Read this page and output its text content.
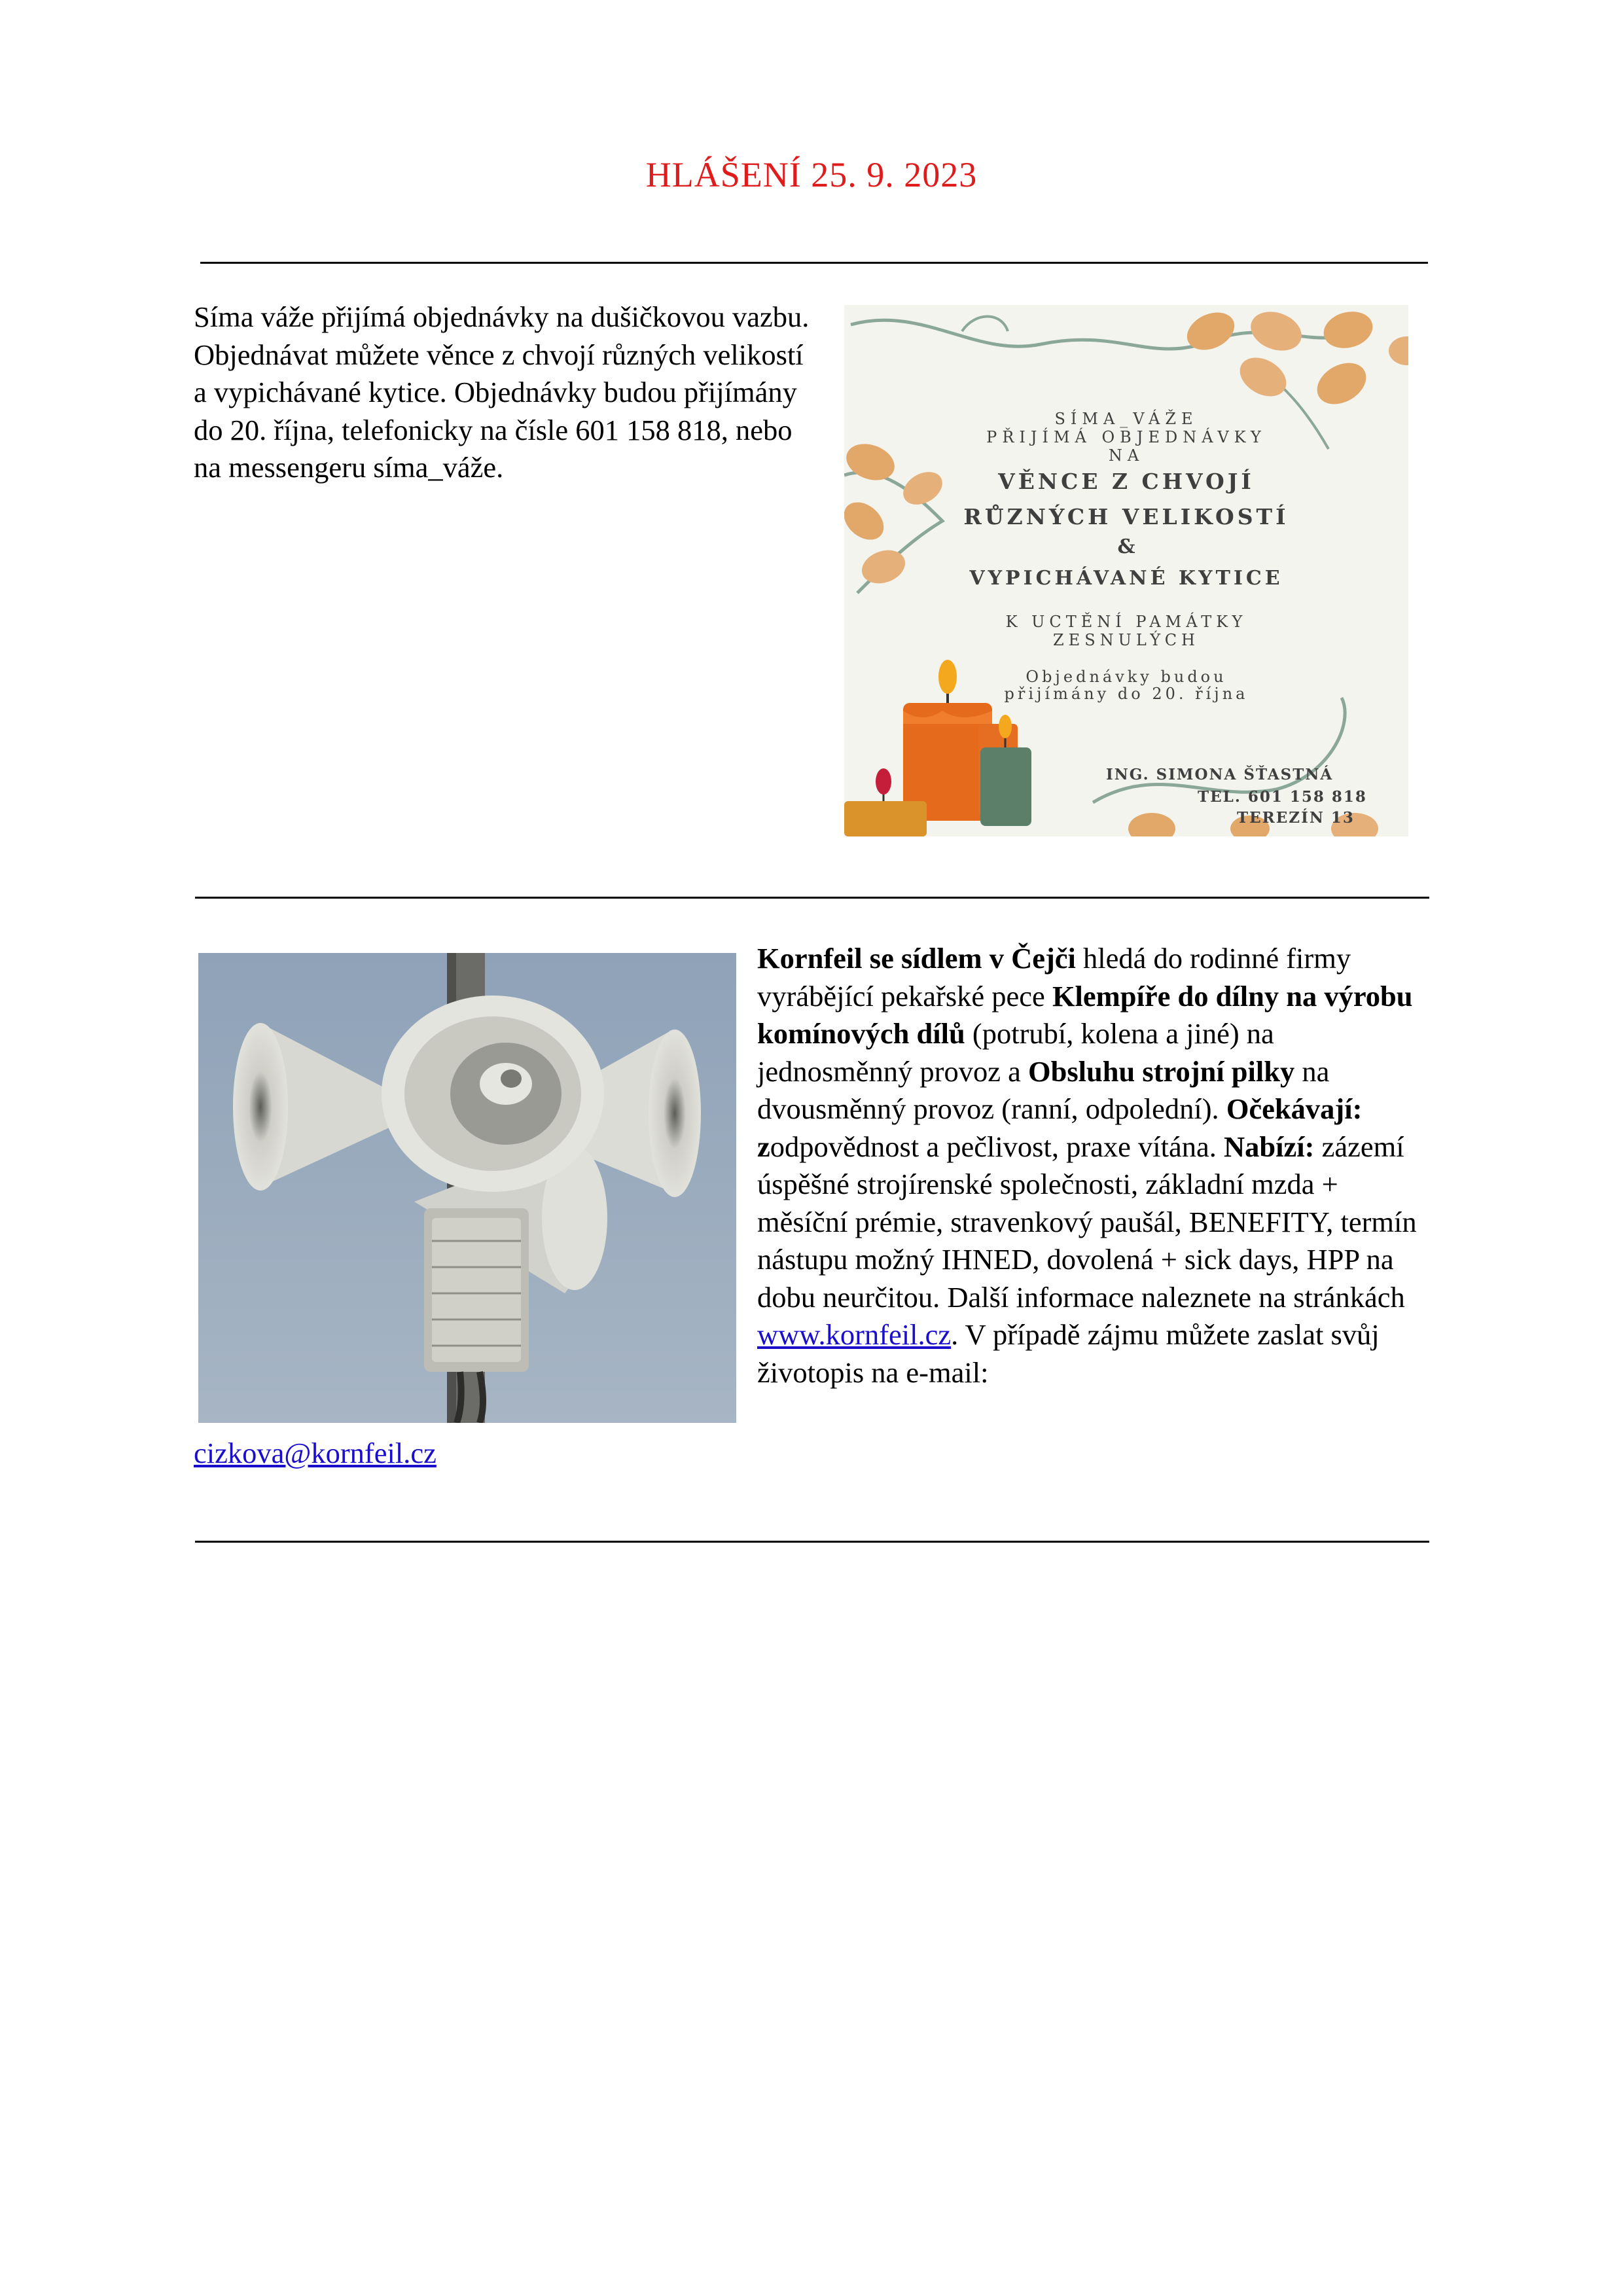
HLÁŠENÍ 25. 9. 2023
Síma váže přijímá objednávky na dušičkovou vazbu. Objednávat můžete věnce z chvojí různých velikostí a vypichávané kytice. Objednávky budou přijímány do 20. října, telefonicky na čísle 601 158 818, nebo na messengeru síma_váže.
SÍMA_VÁŽE
PŘIJÍMÁ OBJEDNÁVKY
NA
VĚNCE Z CHVOJÍ
RŮZNÝCH VELIKOSTÍ
&
VYPICHÁVANÉ KYTICE
K UCTĚNÍ PAMÁTKY
ZESNULÝCH
Objednávky budou
přijímány do 20. října
ING. SIMONA ŠŤASTNÁ
TEL. 601 158 818
TEREZÍN 13
Kornfeil se sídlem v Čejči hledá do rodinné firmy vyrábějící pekařské pece Klempíře do dílny na výrobu komínových dílů (potrubí, kolena a jiné) na jednosměnný provoz a Obsluhu strojní pilky na dvousměnný provoz (ranní, odpolední). Očekávají: zodpovědnost a pečlivost, praxe vítána. Nabízí: zázemí úspěšné strojírenské společnosti, základní mzda + měsíční prémie, stravenkový paušál, BENEFITY, termín nástupu možný IHNED, dovolená + sick days, HPP na dobu neurčitou. Další informace naleznete na stránkách www.kornfeil.cz. V případě zájmu můžete zaslat svůj životopis na e-mail:
cizkova@kornfeil.cz
